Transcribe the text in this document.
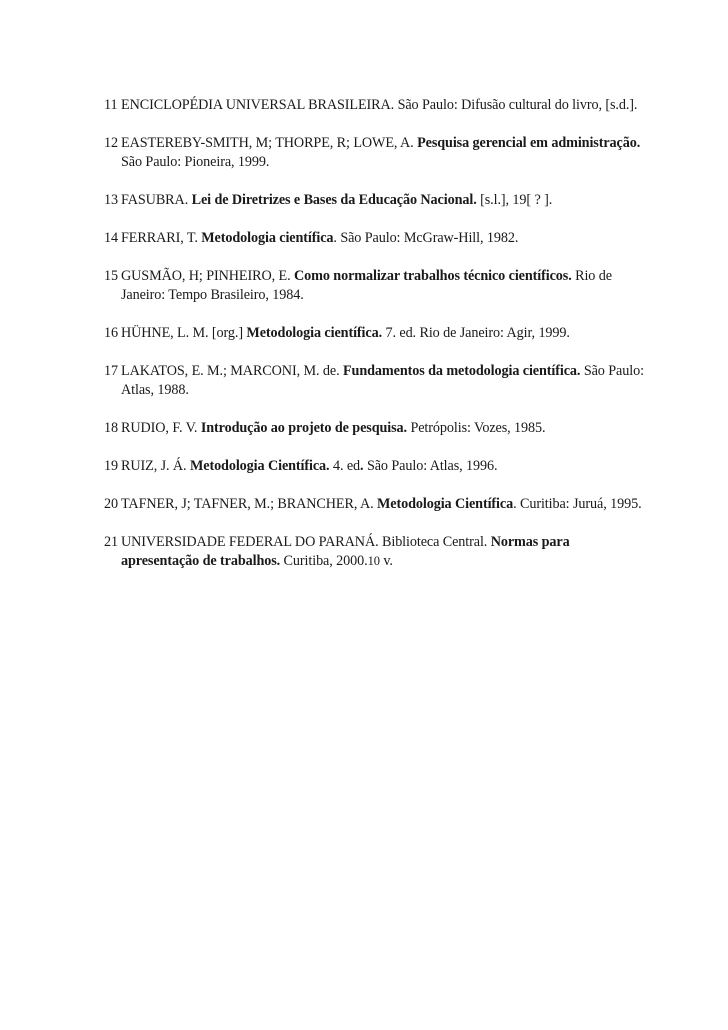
11 ENCICLOPÉDIA UNIVERSAL BRASILEIRA. São Paulo: Difusão cultural do livro, [s.d.].
12 EASTEREBY-SMITH, M; THORPE, R; LOWE, A. Pesquisa gerencial em administração. São Paulo: Pioneira, 1999.
13 FASUBRA. Lei de Diretrizes e Bases da Educação Nacional. [s.l.], 19[ ? ].
14 FERRARI, T. Metodologia científica. São Paulo: McGraw-Hill, 1982.
15 GUSMÃO, H; PINHEIRO, E. Como normalizar trabalhos técnico científicos. Rio de Janeiro: Tempo Brasileiro, 1984.
16 HÜHNE, L. M. [org.] Metodologia científica. 7. ed. Rio de Janeiro: Agir, 1999.
17 LAKATOS, E. M.; MARCONI, M. de. Fundamentos da metodologia científica. São Paulo: Atlas, 1988.
18 RUDIO, F. V. Introdução ao projeto de pesquisa. Petrópolis: Vozes, 1985.
19 RUIZ, J. Á. Metodologia Científica. 4. ed. São Paulo: Atlas, 1996.
20 TAFNER, J; TAFNER, M.; BRANCHER, A. Metodologia Científica. Curitiba: Juruá, 1995.
21 UNIVERSIDADE FEDERAL DO PARANÁ. Biblioteca Central. Normas para apresentação de trabalhos. Curitiba, 2000.10 v.
